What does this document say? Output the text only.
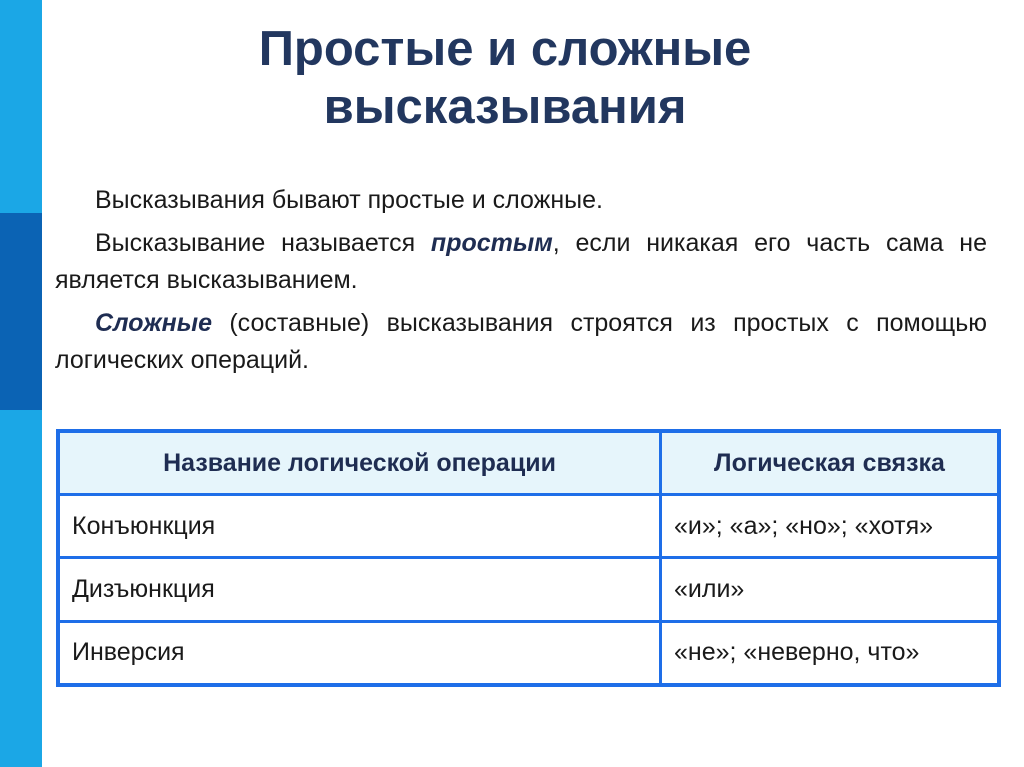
Простые и сложные
высказывания

Высказывания бывают простые и сложные.

Высказывание называется простым, если никакая его часть сама не является высказыванием.

Сложные (составные) высказывания строятся из простых с помощью логических операций.

Название логической операции	Логическая связка
Конъюнкция	«и»; «а»; «но»; «хотя»
Дизъюнкция	«или»
Инверсия	«не»; «неверно, что»
